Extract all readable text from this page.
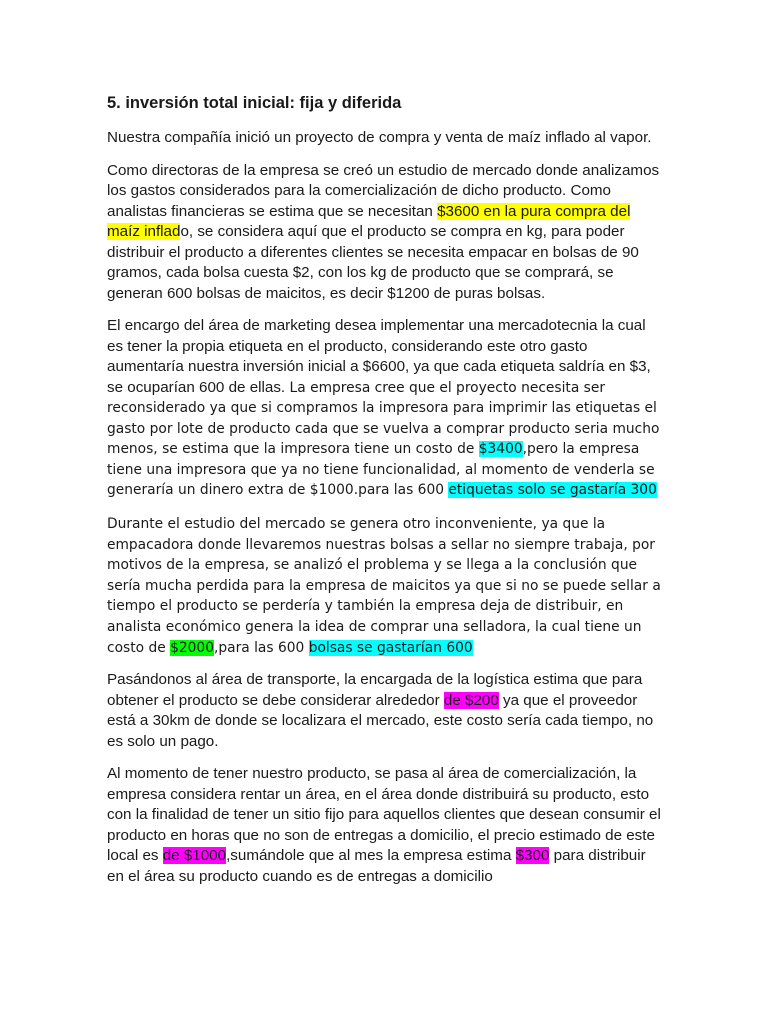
5. inversión total inicial: fija y diferida

Nuestra compañía inició un proyecto de compra y venta de maíz inflado al vapor.

Como directoras de la empresa se creó un estudio de mercado donde analizamos los gastos considerados para la comercialización de dicho producto. Como analistas financieras se estima que se necesitan $3600 en la pura compra del maíz inflado, se considera aquí que el producto se compra en kg, para poder distribuir el producto a diferentes clientes se necesita empacar en bolsas de 90 gramos, cada bolsa cuesta $2, con los kg de producto que se comprará, se generan 600 bolsas de maicitos, es decir $1200 de puras bolsas.

El encargo del área de marketing desea implementar una mercadotecnia la cual es tener la propia etiqueta en el producto, considerando este otro gasto aumentaría nuestra inversión inicial a $6600, ya que cada etiqueta saldría en $3, se ocuparían 600 de ellas. La empresa cree que el proyecto necesita ser reconsiderado ya que si compramos la impresora para imprimir las etiquetas el gasto por lote de producto cada que se vuelva a comprar producto seria mucho menos, se estima que la impresora tiene un costo de $3400,pero la empresa tiene una impresora que ya no tiene funcionalidad, al momento de venderla se generaría un dinero extra de $1000.para las 600 etiquetas solo se gastaría 300

Durante el estudio del mercado se genera otro inconveniente, ya que la empacadora donde llevaremos nuestras bolsas a sellar no siempre trabaja, por motivos de la empresa, se analizó el problema y se llega a la conclusión que sería mucha perdida para la empresa de maicitos ya que si no se puede sellar a tiempo el producto se perdería y también la empresa deja de distribuir, en analista económico genera la idea de comprar una selladora, la cual tiene un costo de $2000,para las 600 bolsas se gastarían 600

Pasándonos al área de transporte, la encargada de la logística estima que para obtener el producto se debe considerar alrededor de $200 ya que el proveedor está a 30km de donde se localizara el mercado, este costo sería cada tiempo, no es solo un pago.

Al momento de tener nuestro producto, se pasa al área de comercialización, la empresa considera rentar un área, en el área donde distribuirá su producto, esto con la finalidad de tener un sitio fijo para aquellos clientes que desean consumir el producto en horas que no son de entregas a domicilio, el precio estimado de este local es de $1000,sumándole que al mes la empresa estima $300 para distribuir en el área su producto cuando es de entregas a domicilio
